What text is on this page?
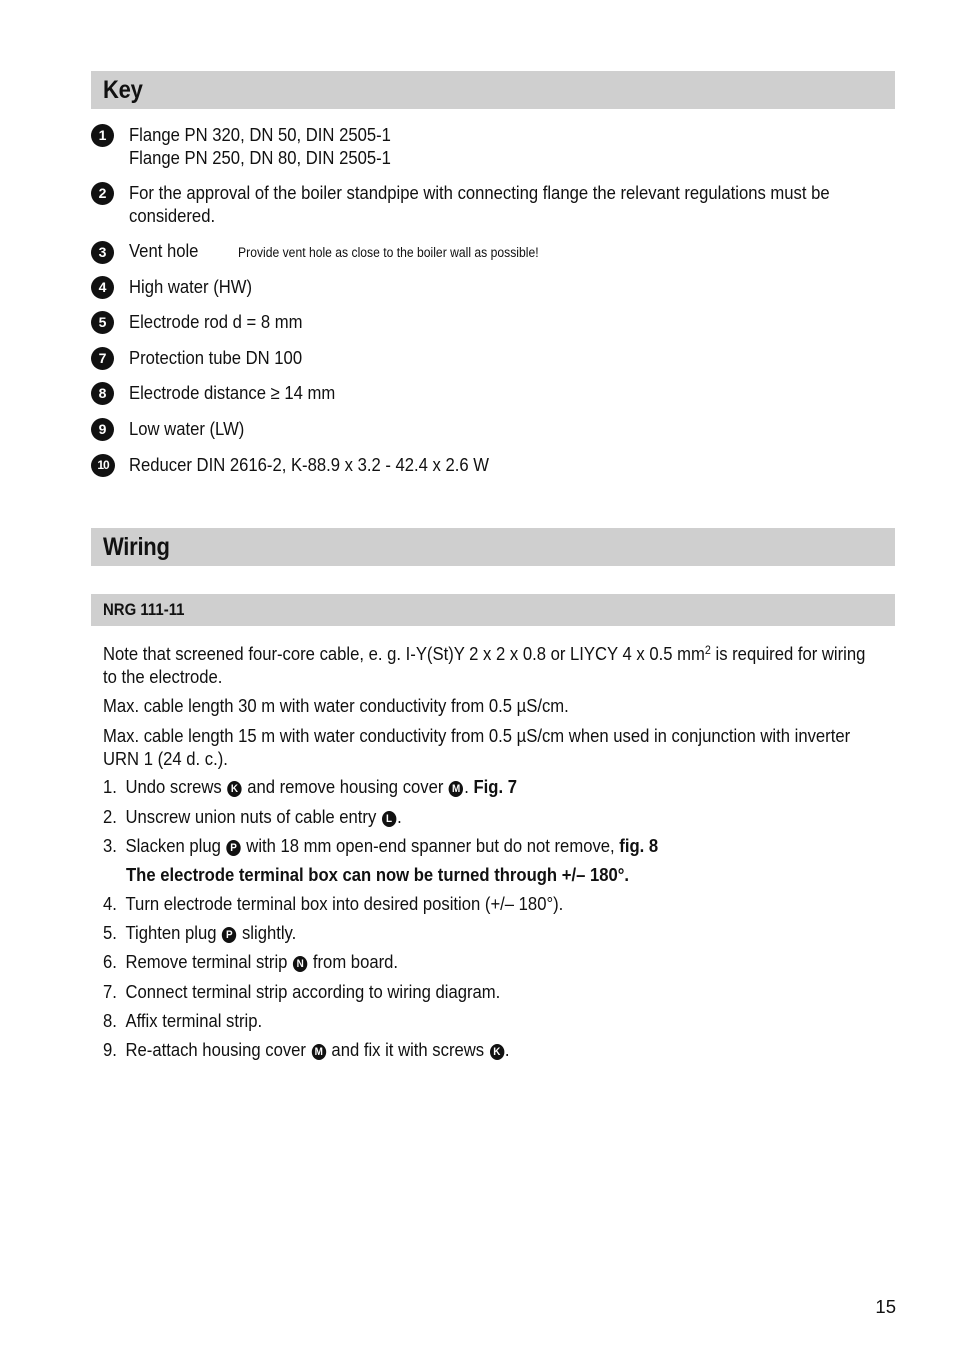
Key
1	Flange PN 320, DN 50, DIN 2505-1
Flange PN 250, DN 80, DIN 2505-1
2	For the approval of the boiler standpipe with connecting flange the relevant regulations must be
considered.
3	Vent hole	Provide vent hole as close to the boiler wall as possible!
4	High water (HW)
5	Electrode rod d = 8 mm
7	Protection tube DN 100
8	Electrode distance ≥ 14 mm
9	Low water (LW)
10	Reducer DIN 2616-2, K-88.9 x 3.2 - 42.4 x 2.6 W
Wiring
NRG 111-11
Note that screened four-core cable, e. g. I-Y(St)Y 2 x 2 x 0.8 or LIYCY 4 x 0.5 $mm^2$ is required for wiring
to the electrode.
Max. cable length 30 m with water conductivity from 0.5 µS/cm.
Max. cable length 15 m with water conductivity from 0.5 µS/cm when used in conjunction with inverter
URN 1 (24 d. c.).
1. Undo screws K and remove housing cover M . Fig. 7
2. Unscrew union nuts of cable entry L .
3. Slacken plug P with 18 mm open-end spanner but do not remove, fig. 8
The electrode terminal box can now be turned through +/– 180°.
4. Turn electrode terminal box into desired position (+/– 180°).
5. Tighten plug P slightly.
6. Remove terminal strip N from board.
7. Connect terminal strip according to wiring diagram.
8. Affix terminal strip.
9. Re-attach housing cover M and fix it with screws K .
15
